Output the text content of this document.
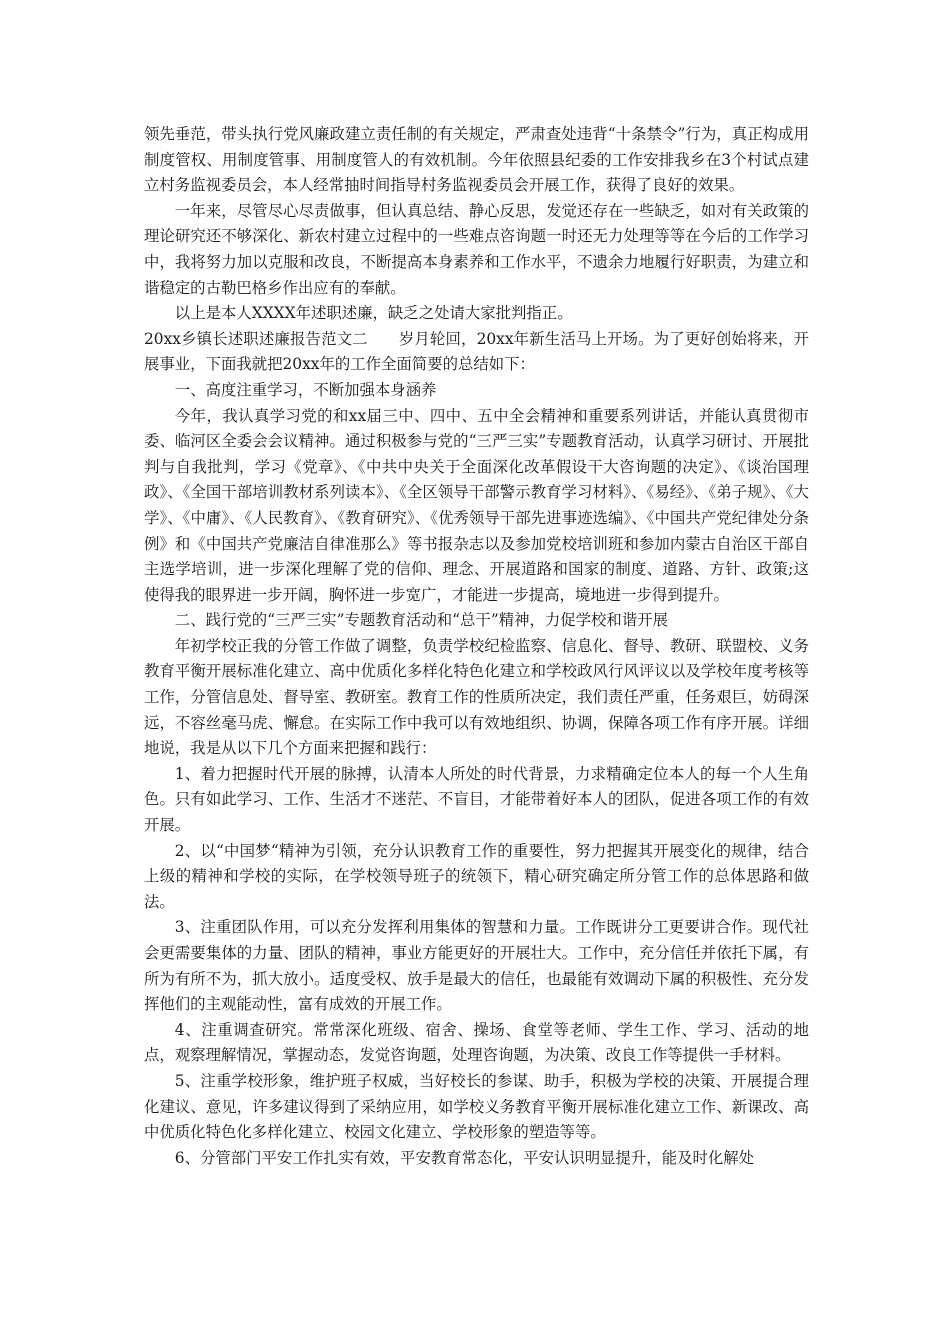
领先垂范，带头执行党风廉政建立责任制的有关规定，严肃查处违背“十条禁令”行为，真正构成用制度管权、用制度管事、用制度管人的有效机制。今年依照县纪委的工作安排我乡在3个村试点建立村务监视委员会，本人经常抽时间指导村务监视委员会开展工作，获得了良好的效果。

一年来，尽管尽心尽责做事，但认真总结、静心反思，发觉还存在一些缺乏，如对有关政策的理论研究还不够深化、新农村建立过程中的一些难点咨询题一时还无力处理等等在今后的工作学习中，我将努力加以克服和改良，不断提高本身素养和工作水平，不遗余力地履行好职责，为建立和谐稳定的古勒巴格乡作出应有的奉献。

以上是本人XXXX年述职述廉，缺乏之处请大家批判指正。

20xx乡镇长述职述廉报告范文二　　岁月轮回，20xx年新生活马上开场。为了更好创始将来，开展事业，下面我就把20xx年的工作全面简要的总结如下：

一、高度注重学习，不断加强本身涵养

今年，我认真学习党的和xx届三中、四中、五中全会精神和重要系列讲话，并能认真贯彻市委、临河区全委会会议精神。通过积极参与党的“三严三实”专题教育活动，认真学习研讨、开展批判与自我批判，学习《党章》、《中共中央关于全面深化改革假设干大咨询题的决定》、《谈治国理政》、《全国干部培训教材系列读本》、《全区领导干部警示教育学习材料》、《易经》、《弟子规》、《大学》、《中庸》、《人民教育》、《教育研究》、《优秀领导干部先进事迹选编》、《中国共产党纪律处分条例》和《中国共产党廉洁自律准那么》等书报杂志以及参加党校培训班和参加内蒙古自治区干部自主选学培训，进一步深化理解了党的信仰、理念、开展道路和国家的制度、道路、方针、政策;这使得我的眼界进一步开阔，胸怀进一步宽广，才能进一步提高，境地进一步得到提升。

二、践行党的“三严三实”专题教育活动和“总干”精神，力促学校和谐开展

年初学校正我的分管工作做了调整，负责学校纪检监察、信息化、督导、教研、联盟校、义务教育平衡开展标准化建立、高中优质化多样化特色化建立和学校政风行风评议以及学校年度考核等工作，分管信息处、督导室、教研室。教育工作的性质所决定，我们责任严重，任务艰巨，妨碍深远，不容丝毫马虎、懈怠。在实际工作中我可以有效地组织、协调，保障各项工作有序开展。详细地说，我是从以下几个方面来把握和践行：

1、着力把握时代开展的脉搏，认清本人所处的时代背景，力求精确定位本人的每一个人生角色。只有如此学习、工作、生活才不迷茫、不盲目，才能带着好本人的团队，促进各项工作的有效开展。

2、以“中国梦“精神为引领，充分认识教育工作的重要性，努力把握其开展变化的规律，结合上级的精神和学校的实际，在学校领导班子的统领下，精心研究确定所分管工作的总体思路和做法。

3、注重团队作用，可以充分发挥利用集体的智慧和力量。工作既讲分工更要讲合作。现代社会更需要集体的力量、团队的精神，事业方能更好的开展壮大。工作中，充分信任并依托下属，有所为有所不为，抓大放小。适度受权、放手是最大的信任，也最能有效调动下属的积极性、充分发挥他们的主观能动性，富有成效的开展工作。

4、注重调查研究。常常深化班级、宿舍、操场、食堂等老师、学生工作、学习、活动的地点，观察理解情况，掌握动态，发觉咨询题，处理咨询题，为决策、改良工作等提供一手材料。

5、注重学校形象，维护班子权威，当好校长的参谋、助手，积极为学校的决策、开展提合理化建议、意见，许多建议得到了采纳应用，如学校义务教育平衡开展标准化建立工作、新课改、高中优质化特色化多样化建立、校园文化建立、学校形象的塑造等等。

6、分管部门平安工作扎实有效，平安教育常态化，平安认识明显提升，能及时化解处
